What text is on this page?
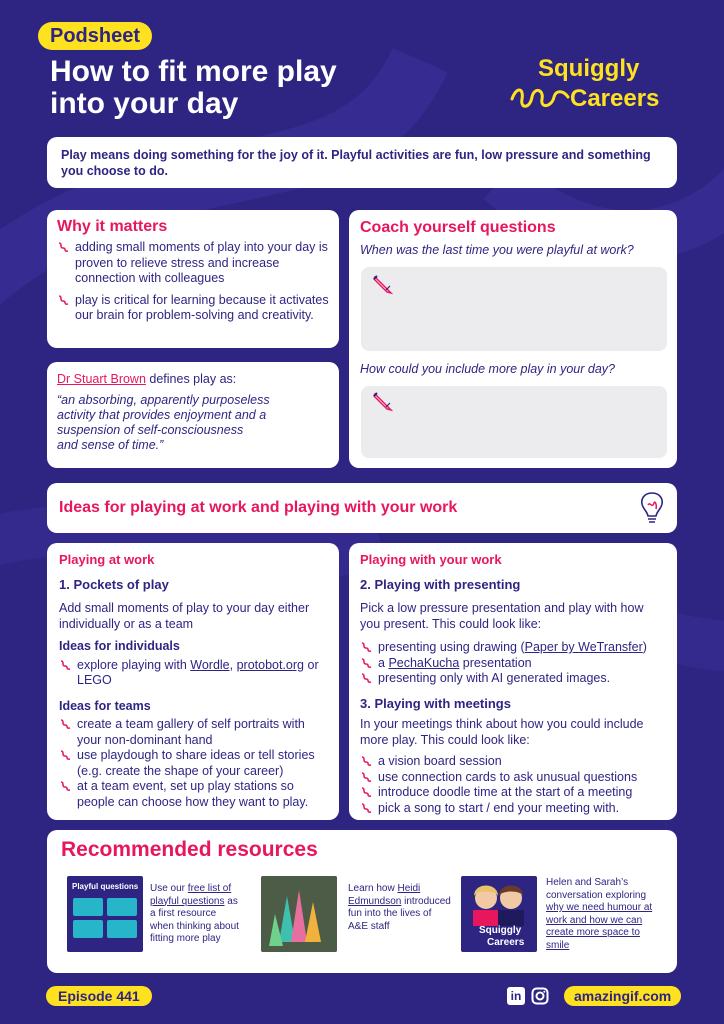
Podsheet
How to fit more play
into your day
Squiggly
Careers
Play means doing something for the joy of it. Playful activities are fun, low pressure and something you choose to do.
Why it matters
adding small moments of play into your day is proven to relieve stress and increase connection with colleagues
play is critical for learning because it activates our brain for problem-solving and creativity.
Dr Stuart Brown defines play as:
“an absorbing, apparently purposeless
activity that provides enjoyment and a
suspension of self-consciousness
and sense of time.”
Coach yourself questions
When was the last time you were playful at work?
How could you include more play in your day?
Ideas for playing at work and playing with your work
Playing at work
1. Pockets of play
Add small moments of play to your day either individually or as a team
Ideas for individuals
explore playing with Wordle, protobot.org or LEGO
Ideas for teams
create a team gallery of self portraits with your non-dominant hand
use playdough to share ideas or tell stories (e.g. create the shape of your career)
at a team event, set up play stations so people can choose how they want to play.
Playing with your work
2. Playing with presenting
Pick a low pressure presentation and play with how you present. This could look like:
presenting using drawing (Paper by WeTransfer)
a PechaKucha presentation
presenting only with AI generated images.
3. Playing with meetings
In your meetings think about how you could include more play. This could look like:
a vision board session
use connection cards to ask unusual questions
introduce doodle time at the start of a meeting
pick a song to start / end your meeting with.
Recommended resources
Playful questions Use our free list of playful questions as a first resource when thinking about fitting more play
Learn how Heidi Edmundson introduced fun into the lives of A&E staff	Squiggly
Careers
Helen and Sarah’s conversation exploring why we need humour at work and how we can create more space to smile
Episode 441	in	amazingif.com
